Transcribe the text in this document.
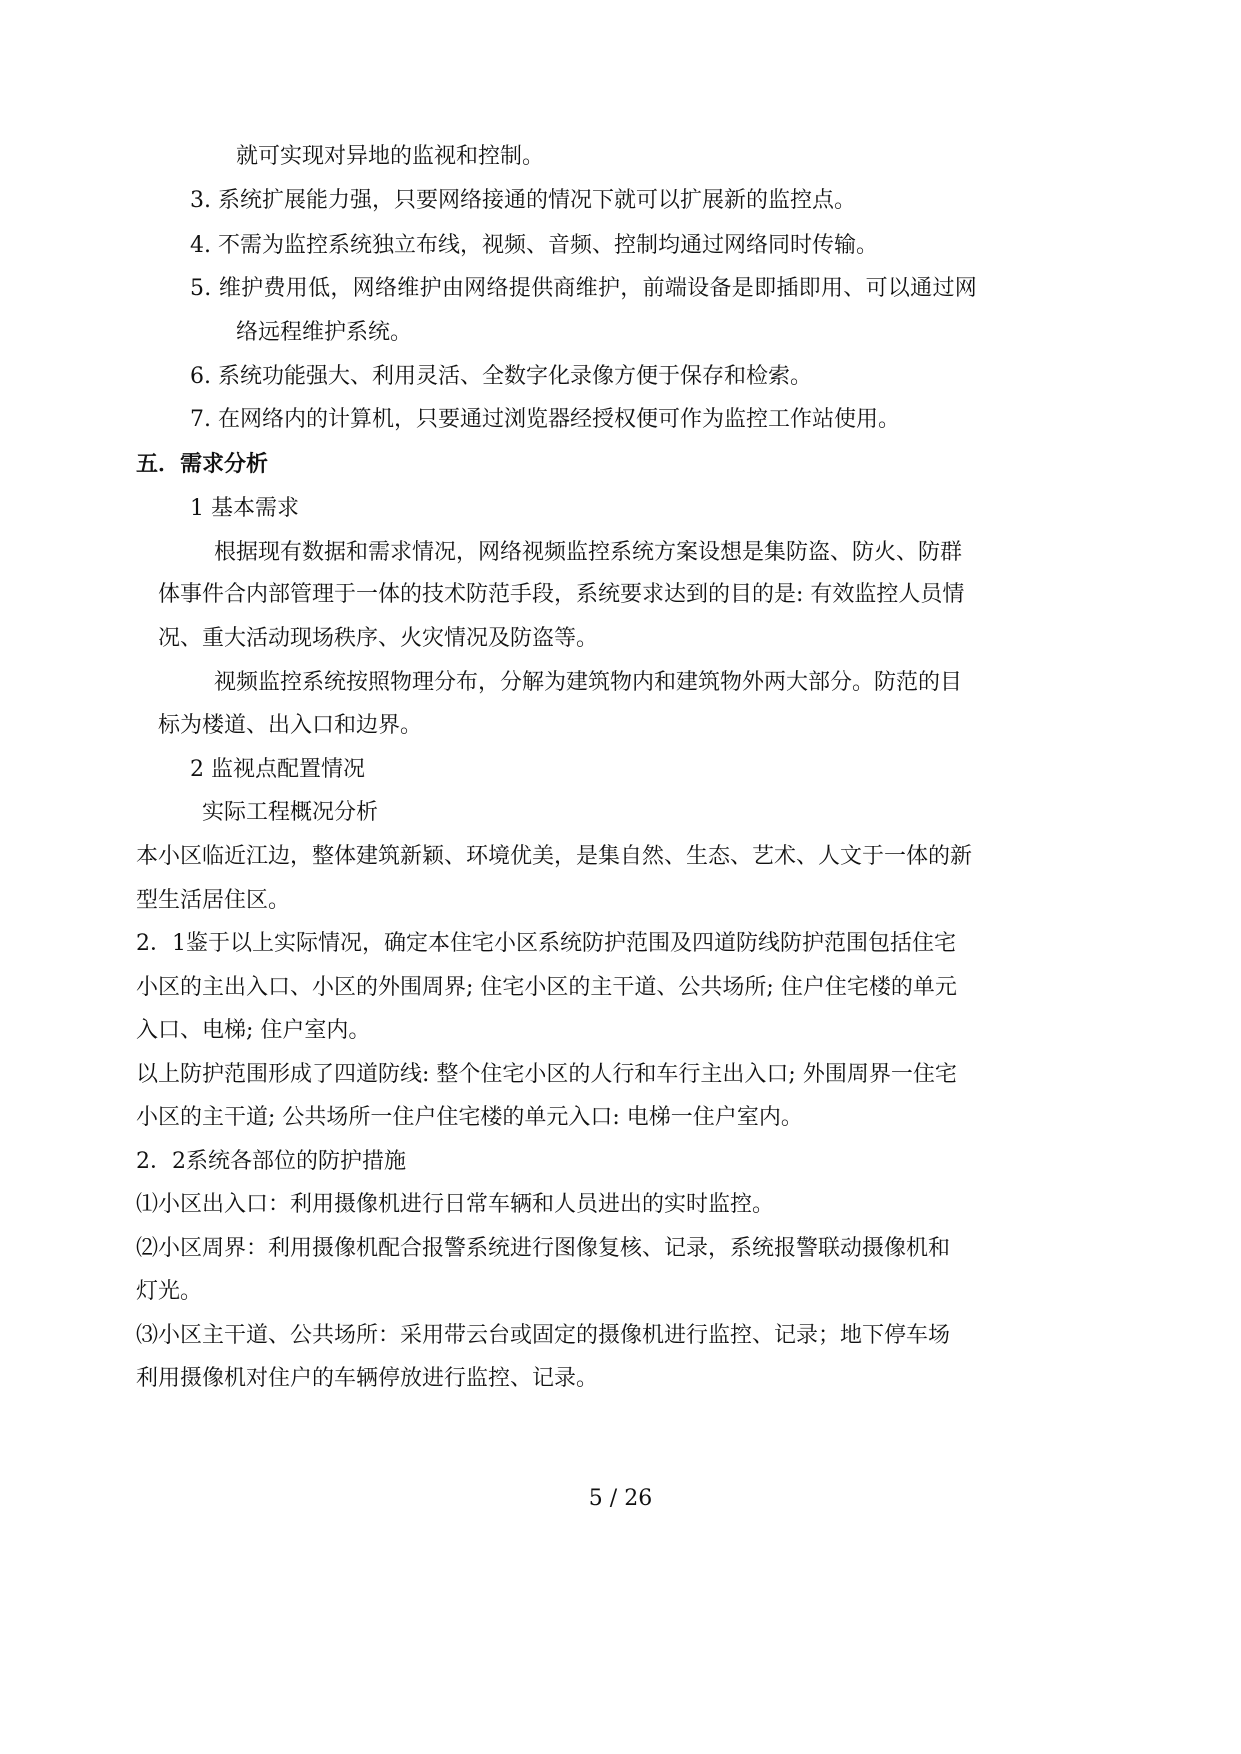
就可实现对异地的监视和控制。
3. 系统扩展能力强，只要网络接通的情况下就可以扩展新的监控点。
4. 不需为监控系统独立布线，视频、音频、控制均通过网络同时传输。
5. 维护费用低，网络维护由网络提供商维护，前端设备是即插即用、可以通过网
络远程维护系统。
6. 系统功能强大、利用灵活、全数字化录像方便于保存和检索。
7. 在网络内的计算机，只要通过浏览器经授权便可作为监控工作站使用。
五．需求分析
1 基本需求
根据现有数据和需求情况，网络视频监控系统方案设想是集防盗、防火、防群
体事件合内部管理于一体的技术防范手段，系统要求达到的目的是: 有效监控人员情
况、重大活动现场秩序、火灾情况及防盗等。
视频监控系统按照物理分布，分解为建筑物内和建筑物外两大部分。防范的目
标为楼道、出入口和边界。
2 监视点配置情况
实际工程概况分析
本小区临近江边，整体建筑新颖、环境优美，是集自然、生态、艺术、人文于一体的新
型生活居住区。
2．1鉴于以上实际情况，确定本住宅小区系统防护范围及四道防线防护范围包括住宅
小区的主出入口、小区的外围周界; 住宅小区的主干道、公共场所; 住户住宅楼的单元
入口、电梯; 住户室内。
以上防护范围形成了四道防线: 整个住宅小区的人行和车行主出入口; 外围周界一住宅
小区的主干道; 公共场所一住户住宅楼的单元入口: 电梯一住户室内。
2．2系统各部位的防护措施
⑴小区出入口：利用摄像机进行日常车辆和人员进出的实时监控。
⑵小区周界：利用摄像机配合报警系统进行图像复核、记录，系统报警联动摄像机和
灯光。
⑶小区主干道、公共场所：采用带云台或固定的摄像机进行监控、记录；地下停车场
利用摄像机对住户的车辆停放进行监控、记录。
5 / 26
